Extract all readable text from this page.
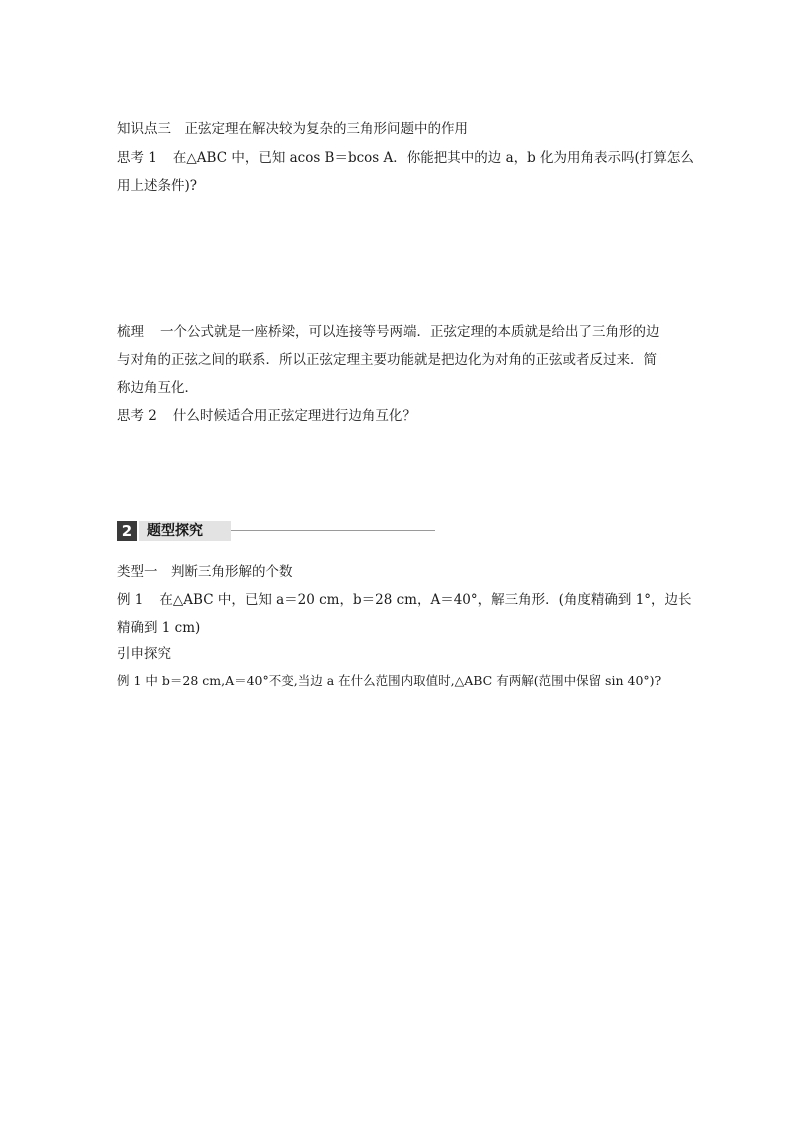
知识点三　正弦定理在解决较为复杂的三角形问题中的作用
思考 1 在△ABC 中，已知 acos B＝bcos A．你能把其中的边 a，b 化为用角表示吗(打算怎么
用上述条件)?
梳理 一个公式就是一座桥梁，可以连接等号两端．正弦定理的本质就是给出了三角形的边
与对角的正弦之间的联系．所以正弦定理主要功能就是把边化为对角的正弦或者反过来．简
称边角互化．
思考 2 什么时候适合用正弦定理进行边角互化？
2	题型探究
类型一　判断三角形解的个数
例 1 在△ABC 中，已知 a＝20 cm，b＝28 cm，A＝40°，解三角形．(角度精确到 1°，边长
精确到 1 cm)
引申探究
例 1 中 b＝28 cm,A＝40°不变,当边 a 在什么范围内取值时,△ABC 有两解(范围中保留 sin 40°)?
